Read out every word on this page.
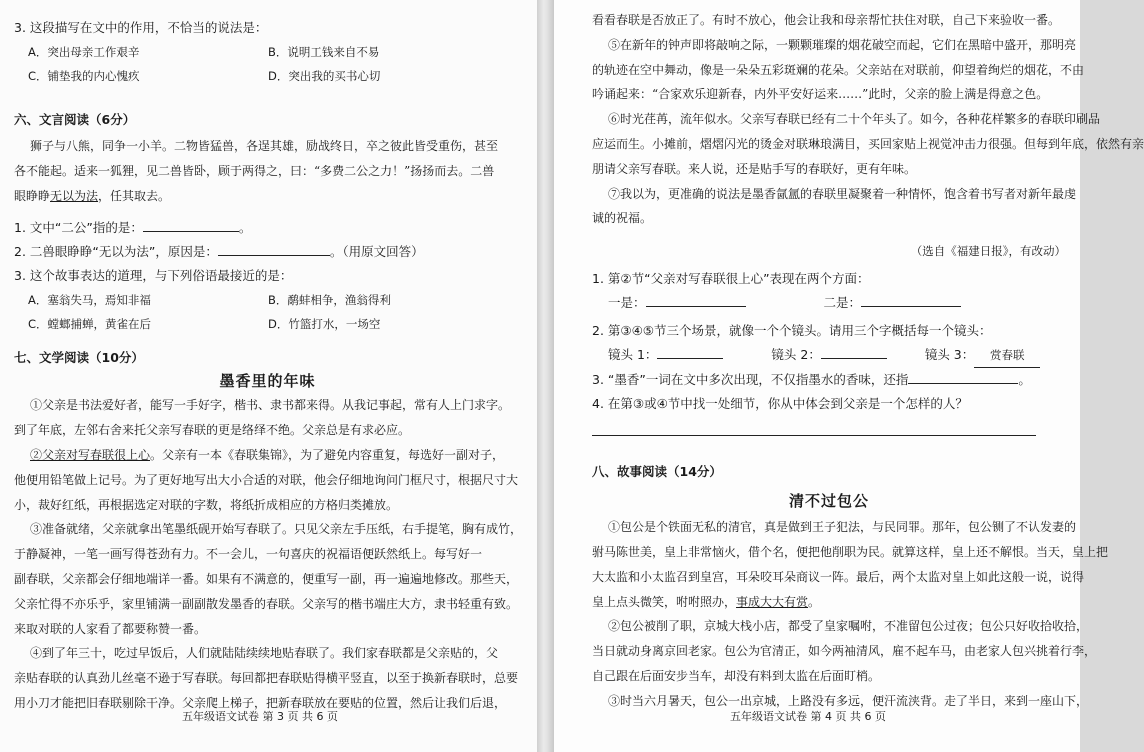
3. 这段描写在文中的作用，不恰当的说法是：
A．突出母亲工作艰辛	B．说明工钱来自不易
C．铺垫我的内心愧疚	D．突出我的买书心切
六、文言阅读（6分）
狮子与八熊，同争一小羊。二物皆猛兽，各逞其雄，励战终日，卒之彼此皆受重伤，甚至
各不能起。适来一狐狸，见二兽皆卧，顾于两得之，曰：“多费二公之力！”扬扬而去。二兽
眼睁睁无以为法，任其取去。
1. 文中“二公”指的是：	。
2. 二兽眼睁睁“无以为法”，原因是：	。（用原文回答）
3. 这个故事表达的道理，与下列俗语最接近的是：
A．塞翁失马，焉知非福	B．鹬蚌相争，渔翁得利
C．螳螂捕蝉，黄雀在后	D．竹篮打水，一场空
七、文学阅读（10分）
墨香里的年味
①父亲是书法爱好者，能写一手好字，楷书、隶书都来得。从我记事起，常有人上门求字。
到了年底，左邻右舍来托父亲写春联的更是络绎不绝。父亲总是有求必应。
②父亲对写春联很上心。父亲有一本《春联集锦》，为了避免内容重复，每选好一副对子，
他便用铅笔做上记号。为了更好地写出大小合适的对联，他会仔细地询问门框尺寸，根据尺寸大
小，裁好红纸，再根据选定对联的字数，将纸折成相应的方格归类摊放。
③准备就绪，父亲就拿出笔墨纸砚开始写春联了。只见父亲左手压纸，右手提笔，胸有成竹，
于静凝神，一笔一画写得苍劲有力。不一会儿，一句喜庆的祝福语便跃然纸上。每写好一
副春联，父亲都会仔细地端详一番。如果有不满意的，便重写一副，再一遍遍地修改。那些天，
父亲忙得不亦乐乎，家里铺满一副副散发墨香的春联。父亲写的楷书端庄大方，隶书轻重有致。
来取对联的人家看了都要称赞一番。
④到了年三十，吃过早饭后，人们就陆陆续续地贴春联了。我们家春联都是父亲贴的，父
亲贴春联的认真劲儿丝毫不逊于写春联。每回都把春联贴得横平竖直，以至于换新春联时，总要
用小刀才能把旧春联剔除干净。父亲爬上梯子，把新春联放在要贴的位置，然后让我们后退，
五年级语文试卷 第 3 页 共 6 页
看看春联是否放正了。有时不放心，他会让我和母亲帮忙扶住对联，自己下来验收一番。
⑤在新年的钟声即将敲响之际，一颗颗璀璨的烟花破空而起，它们在黑暗中盛开，那明亮
的轨迹在空中舞动，像是一朵朵五彩斑斓的花朵。父亲站在对联前，仰望着绚烂的烟花，不由
吟诵起来：“合家欢乐迎新春，内外平安好运来……”此时，父亲的脸上满是得意之色。
⑥时光荏苒，流年似水。父亲写春联已经有二十个年头了。如今，各种花样繁多的春联印刷品
应运而生。小摊前，熠熠闪光的烫金对联琳琅满目，买回家贴上视觉冲击力很强。但每到年底，依然有亲
朋请父亲写春联。来人说，还是贴手写的春联好，更有年味。
⑦我以为，更准确的说法是墨香氤氲的春联里凝聚着一种情怀，饱含着书写者对新年最虔
诚的祝福。
（选自《福建日报》，有改动）
1. 第②节“父亲对写春联很上心”表现在两个方面：
一是：	二是：
2. 第③④⑤节三个场景，就像一个个镜头。请用三个字概括每一个镜头：
镜头 1：	镜头 2：	镜头 3： 赏春联
3. “墨香”一词在文中多次出现，不仅指墨水的香味，还指	。
4. 在第③或④节中找一处细节，你从中体会到父亲是一个怎样的人？
八、故事阅读（14分）
清不过包公
①包公是个铁面无私的清官，真是做到王子犯法，与民同罪。那年，包公铡了不认发妻的
驸马陈世美，皇上非常恼火，借个名，便把他削职为民。就算这样，皇上还不解恨。当天，皇上把
大太监和小太监召到皇宫，耳朵咬耳朵商议一阵。最后，两个太监对皇上如此这般一说，说得
皇上点头微笑，咐咐照办，事成大大有赏。
②包公被削了职，京城大栈小店，都受了皇家嘱咐，不准留包公过夜；包公只好收拾收拾，
当日就动身离京回老家。包公为官清正，如今两袖清风，雇不起车马，由老家人包兴挑着行李，
自己跟在后面安步当车，却没有料到太监在后面盯梢。
③时当六月暑天，包公一出京城，上路没有多远，便汗流浃背。走了半日，来到一座山下，
五年级语文试卷 第 4 页 共 6 页
